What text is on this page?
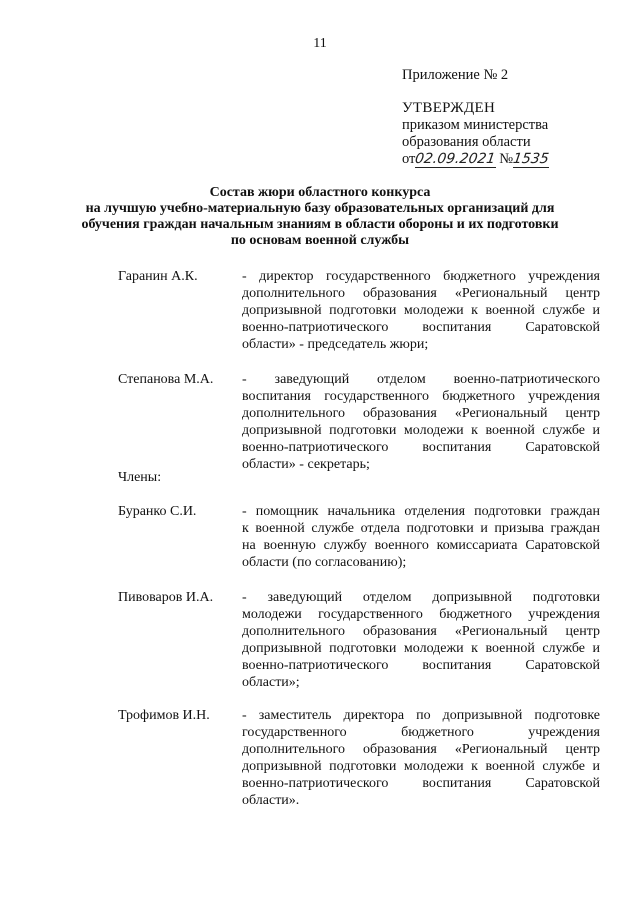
11
Приложение № 2
УТВЕРЖДЕН
приказом министерства
образования области
от02.09.2021 №1535
Состав жюри областного конкурса
на лучшую учебно-материальную базу образовательных организаций для
обучения граждан начальным знаниям в области обороны и их подготовки
по основам военной службы
Гаранин А.К.	- директор государственного бюджетного учреждения
дополнительного образования «Региональный центр
допризывной подготовки молодежи к военной службе и
военно-патриотического воспитания Саратовской
области» - председатель жюри;
Степанова М.А.	- заведующий отделом военно-патриотического
воспитания государственного бюджетного учреждения
дополнительного образования «Региональный центр
допризывной подготовки молодежи к военной службе и
военно-патриотического воспитания Саратовской
области» - секретарь;
Члены:
Буранко С.И.	- помощник начальника отделения подготовки граждан
к военной службе отдела подготовки и призыва граждан
на военную службу военного комиссариата Саратовской
области (по согласованию);
Пивоваров И.А.	- заведующий отделом допризывной подготовки
молодежи государственного бюджетного учреждения
дополнительного образования «Региональный центр
допризывной подготовки молодежи к военной службе и
военно-патриотического воспитания Саратовской
области»;
Трофимов И.Н.	- заместитель директора по допризывной подготовке
государственного бюджетного учреждения
дополнительного образования «Региональный центр
допризывной подготовки молодежи к военной службе и
военно-патриотического воспитания Саратовской
области».
